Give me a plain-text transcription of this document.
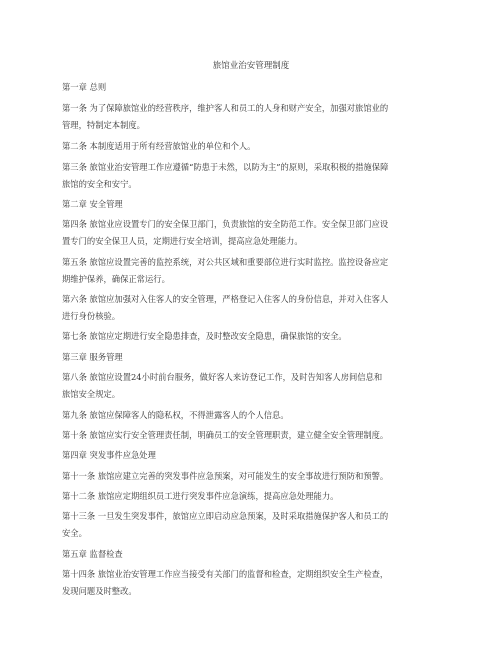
旅馆业治安管理制度

第一章 总则

第一条 为了保障旅馆业的经营秩序，维护客人和员工的人身和财产安全，加强对旅馆业的
管理，特制定本制度。

第二条 本制度适用于所有经营旅馆业的单位和个人。

第三条 旅馆业治安管理工作应遵循“防患于未然，以防为主”的原则，采取积极的措施保障
旅馆的安全和安宁。

第二章 安全管理

第四条 旅馆业应设置专门的安全保卫部门，负责旅馆的安全防范工作。安全保卫部门应设
置专门的安全保卫人员，定期进行安全培训，提高应急处理能力。

第五条 旅馆应设置完善的监控系统，对公共区域和重要部位进行实时监控。监控设备应定
期维护保养，确保正常运行。

第六条 旅馆应加强对入住客人的安全管理，严格登记入住客人的身份信息，并对入住客人
进行身份核验。

第七条 旅馆应定期进行安全隐患排查，及时整改安全隐患，确保旅馆的安全。

第三章 服务管理

第八条 旅馆应设置24小时前台服务，做好客人来访登记工作，及时告知客人房间信息和
旅馆安全规定。

第九条 旅馆应保障客人的隐私权，不得泄露客人的个人信息。

第十条 旅馆应实行安全管理责任制，明确员工的安全管理职责，建立健全安全管理制度。

第四章 突发事件应急处理

第十一条 旅馆应建立完善的突发事件应急预案，对可能发生的安全事故进行预防和预警。

第十二条 旅馆应定期组织员工进行突发事件应急演练，提高应急处理能力。

第十三条 一旦发生突发事件，旅馆应立即启动应急预案，及时采取措施保护客人和员工的
安全。

第五章 监督检查

第十四条 旅馆业治安管理工作应当接受有关部门的监督和检查，定期组织安全生产检查，
发现问题及时整改。
